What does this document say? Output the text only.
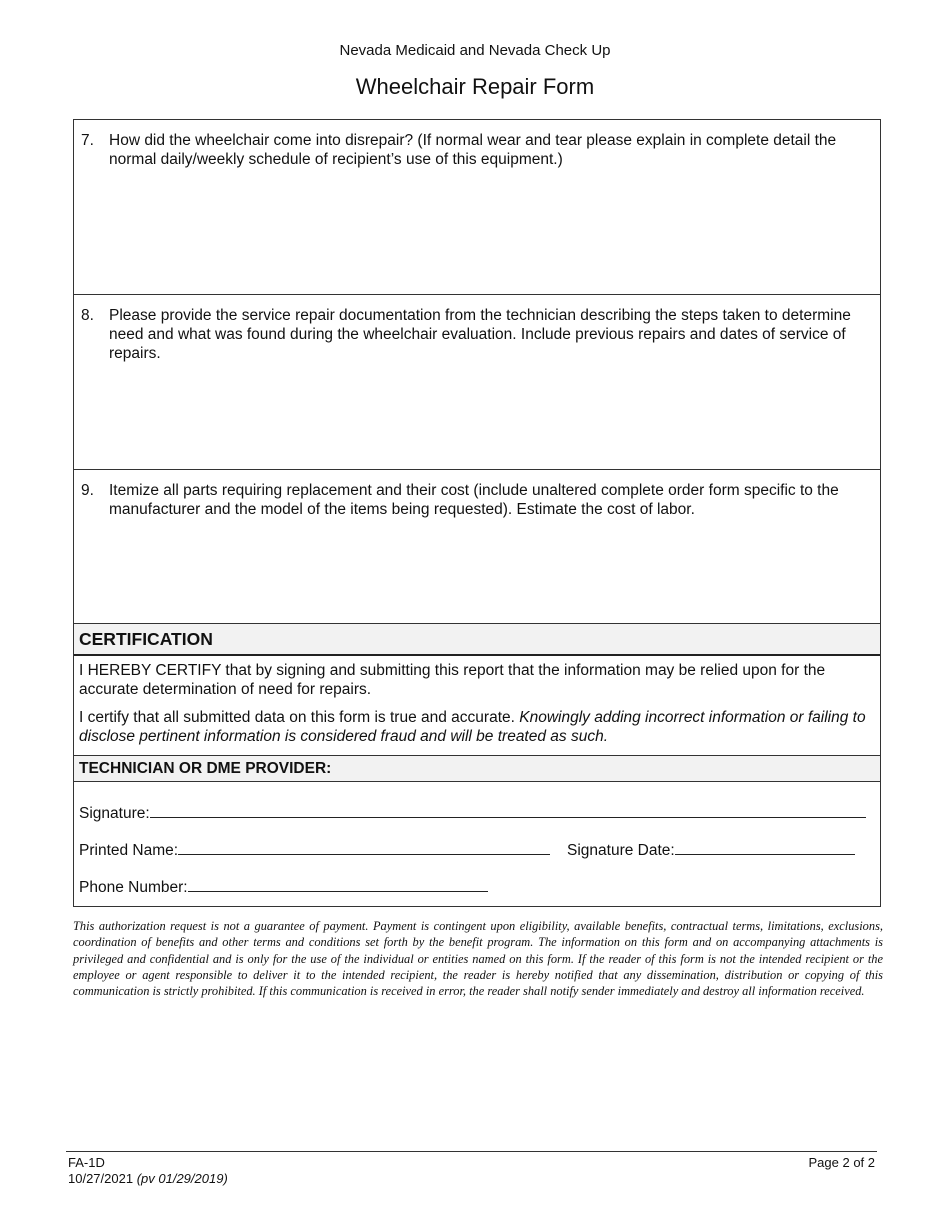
Nevada Medicaid and Nevada Check Up
Wheelchair Repair Form
7. How did the wheelchair come into disrepair? (If normal wear and tear please explain in complete detail the normal daily/weekly schedule of recipient’s use of this equipment.)
8. Please provide the service repair documentation from the technician describing the steps taken to determine need and what was found during the wheelchair evaluation. Include previous repairs and dates of service of repairs.
9. Itemize all parts requiring replacement and their cost (include unaltered complete order form specific to the manufacturer and the model of the items being requested). Estimate the cost of labor.
CERTIFICATION

I HEREBY CERTIFY that by signing and submitting this report that the information may be relied upon for the accurate determination of need for repairs.

I certify that all submitted data on this form is true and accurate. Knowingly adding incorrect information or failing to disclose pertinent information is considered fraud and will be treated as such.

TECHNICIAN OR DME PROVIDER:
Signature:
Printed Name:	Signature Date:
Phone Number:
This authorization request is not a guarantee of payment. Payment is contingent upon eligibility, available benefits, contractual terms, limitations, exclusions, coordination of benefits and other terms and conditions set forth by the benefit program. The information on this form and on accompanying attachments is privileged and confidential and is only for the use of the individual or entities named on this form. If the reader of this form is not the intended recipient or the employee or agent responsible to deliver it to the intended recipient, the reader is hereby notified that any dissemination, distribution or copying of this communication is strictly prohibited. If this communication is received in error, the reader shall notify sender immediately and destroy all information received.
FA-1D
10/27/2021 (pv 01/29/2019)
Page 2 of 2
